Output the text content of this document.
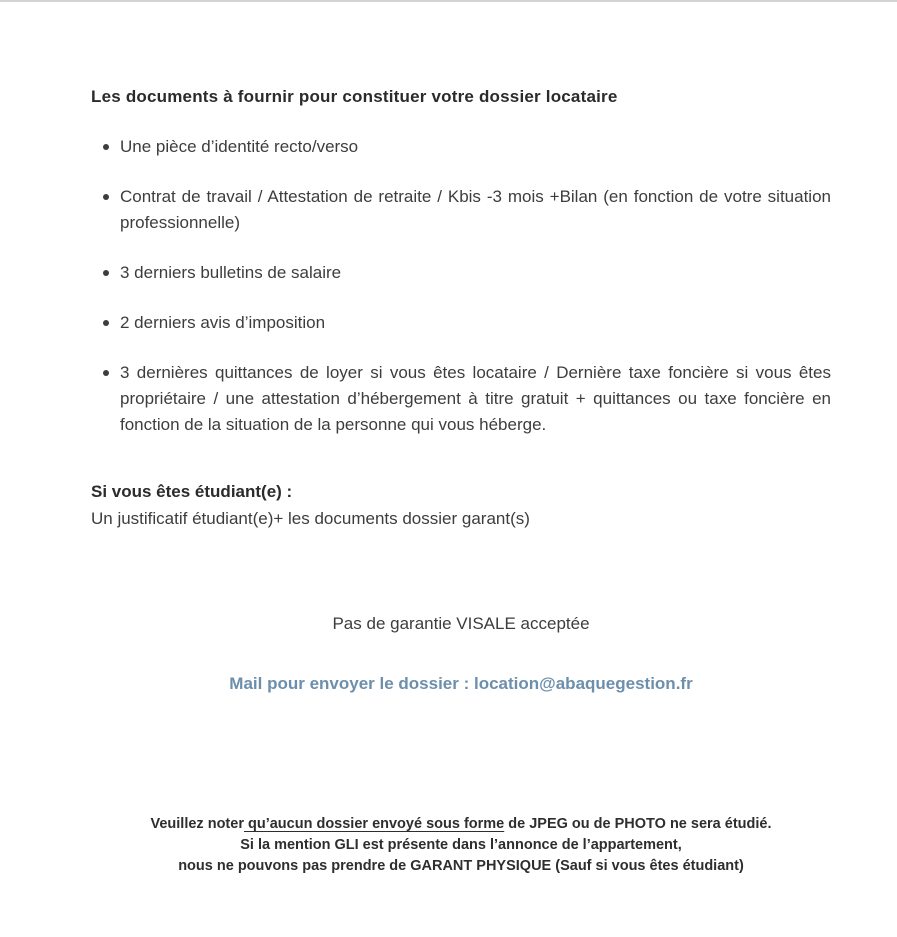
Les documents à fournir pour constituer votre dossier locataire
Une pièce d’identité recto/verso
Contrat de travail / Attestation de retraite / Kbis -3 mois +Bilan (en fonction de votre situation professionnelle)
3 derniers bulletins de salaire
2 derniers avis d’imposition
3 dernières quittances de loyer si vous êtes locataire / Dernière taxe foncière si vous êtes propriétaire / une attestation d’hébergement à titre gratuit + quittances ou taxe foncière en fonction de la situation de la personne qui vous héberge.

Si vous êtes étudiant(e) :

Un justificatif étudiant(e)+ les documents dossier garant(s)

Pas de garantie VISALE acceptée

Mail pour envoyer le dossier : location@abaquegestion.fr

Veuillez noter qu’aucun dossier envoyé sous forme de JPEG ou de PHOTO ne sera étudié.

Si la mention GLI est présente dans l’annonce de l’appartement,

nous ne pouvons pas prendre de GARANT PHYSIQUE (Sauf si vous êtes étudiant)
